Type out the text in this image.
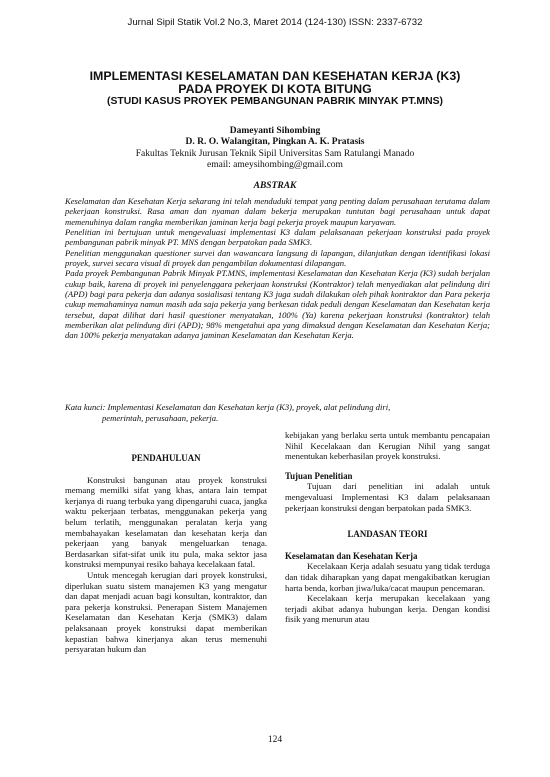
Jurnal Sipil Statik Vol.2 No.3, Maret 2014 (124-130) ISSN: 2337-6732
IMPLEMENTASI KESELAMATAN DAN KESEHATAN KERJA (K3)
PADA PROYEK DI KOTA BITUNG
(STUDI KASUS PROYEK PEMBANGUNAN PABRIK MINYAK PT.MNS)
Dameyanti Sihombing
D. R. O. Walangitan, Pingkan A. K. Pratasis
Fakultas Teknik Jurusan Teknik Sipil Universitas Sam Ratulangi Manado
email: ameysihombing@gmail.com
ABSTRAK

Keselamatan dan Kesehatan Kerja sekarang ini telah menduduki tempat yang penting dalam perusahaan terutama dalam pekerjaan konstruksi. Rasa aman dan nyaman dalam bekerja merupakan tuntutan bagi perusahaan untuk dapat memenuhinya dalam rangka memberikan jaminan kerja bagi pekerja proyek maupun karyawan.

Penelitian ini bertujuan untuk mengevaluasi implementasi K3 dalam pelaksanaan pekerjaan konstruksi pada proyek pembangunan pabrik minyak PT. MNS dengan berpatokan pada SMK3.

Penelitian menggunakan questioner survei dan wawancara langsung di lapangan, dilanjutkan dengan identifikasi lokasi proyek, survei secara visual di proyek dan pengambilan dokumentasi dilapangan.

Pada proyek Pembangunan Pabrik Minyak PT.MNS, implementasi Keselamatan dan Kesehatan Kerja (K3) sudah berjalan cukup baik, karena di proyek ini penyelenggara pekerjaan konstruksi (Kontraktor) telah menyediakan alat pelindung diri (APD) bagi para pekerja dan adanya sosialisasi tentang K3 juga sudah dilakukan oleh pihak kontraktor dan Para pekerja cukup memahaminya namun masih ada saja pekerja yang berkesan tidak peduli dengan Keselamatan dan Kesehatan kerja tersebut, dapat dilihat dari hasil questioner menyatakan, 100% (Ya) karena pekerjaan konstruksi (kontraktor) telah memberikan alat pelindung diri (APD); 98% mengetahui apa yang dimaksud dengan Keselamatan dan Kesehatan Kerja; dan 100% pekerja menyatakan adanya jaminan Keselamatan dan Kesehatan Kerja.

Kata kunci: Implementasi Keselamatan dan Kesehatan kerja (K3), proyek, alat pelindung diri,

pemerintah, perusahaan, pekerja.

PENDAHULUAN

Konstruksi bangunan atau proyek konstruksi memang memilki sifat yang khas, antara lain tempat kerjanya di ruang terbuka yang dipengaruhi cuaca, jangka waktu pekerjaan terbatas, menggunakan pekerja yang belum terlatih, menggunakan peralatan kerja yang membahayakan keselamatan dan kesehatan kerja dan pekerjaan yang banyak mengeluarkan tenaga. Berdasarkan sifat-sifat unik itu pula, maka sektor jasa konstruksi mempunyai resiko bahaya kecelakaan fatal.

Untuk mencegah kerugian dari proyek konstruksi, diperlukan suatu sistem manajemen K3 yang mengatur dan dapat menjadi acuan bagi konsultan, kontraktor, dan para pekerja konstruksi. Penerapan Sistem Manajemen Keselamatan dan Kesehatan Kerja (SMK3) dalam pelaksanaan proyek konstruksi dapat memberikan kepastian bahwa kinerjanya akan terus memenuhi persyaratan hukum dan

kebijakan yang berlaku serta untuk membantu pencapaian Nihil Kecelakaan dan Kerugian Nihil yang sangat menentukan keberhasilan proyek konstruksi.

Tujuan Penelitian

Tujuan dari penelitian ini adalah untuk mengevaluasi Implementasi K3 dalam pelaksanaan pekerjaan konstruksi dengan berpatokan pada SMK3.

LANDASAN TEORI

Keselamatan dan Kesehatan Kerja

Kecelakaan Kerja adalah sesuatu yang tidak terduga dan tidak diharapkan yang dapat mengakibatkan kerugian harta benda, korban jiwa/luka/cacat maupun pencemaran.

Kecelakaan kerja merupakan kecelakaan yang terjadi akibat adanya hubungan kerja. Dengan kondisi fisik yang menurun atau

124
